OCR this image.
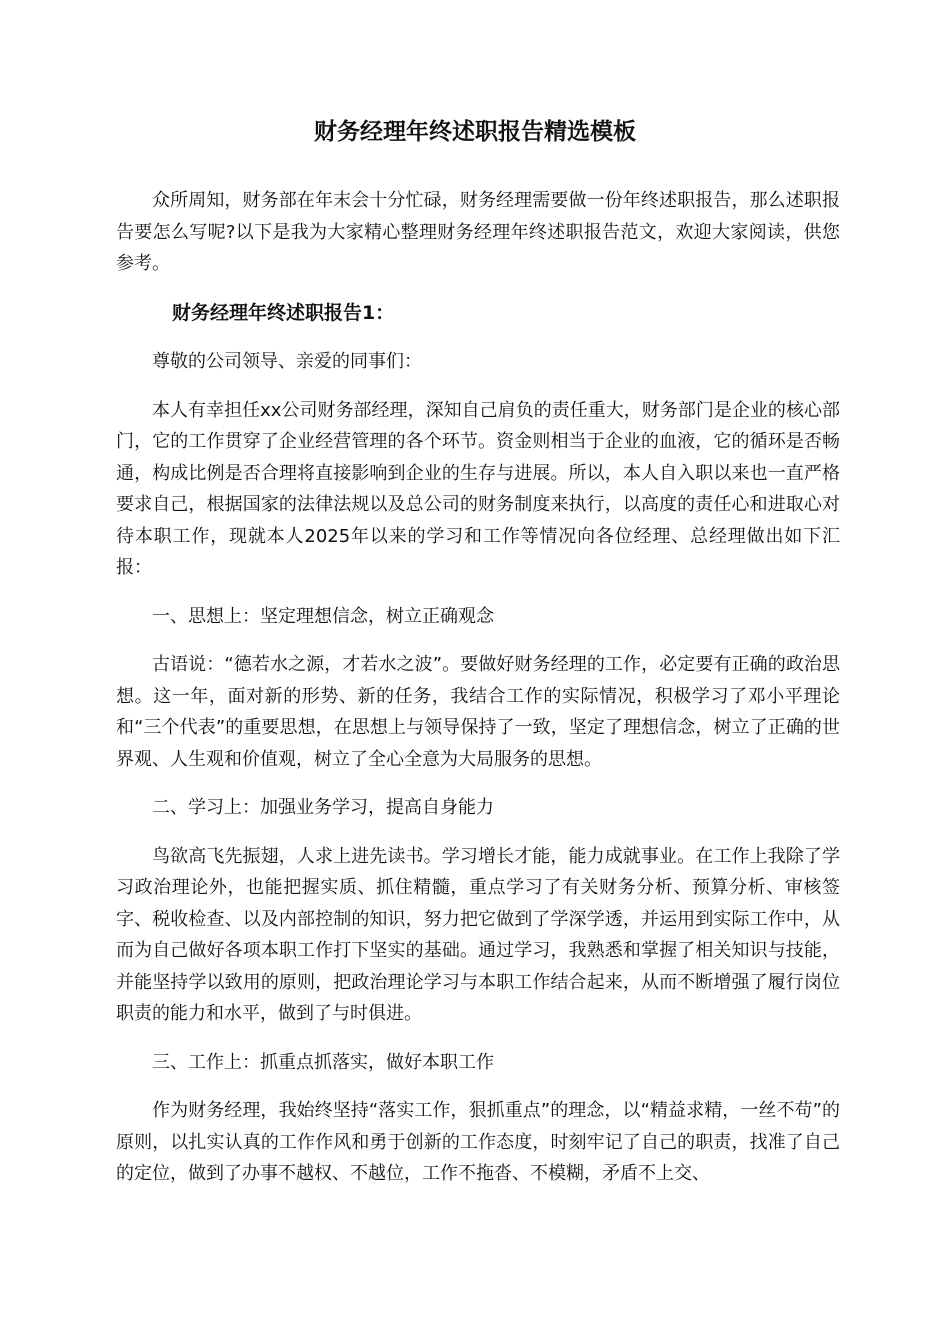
财务经理年终述职报告精选模板

众所周知，财务部在年末会十分忙碌，财务经理需要做一份年终述职报告，那么述职报告要怎么写呢?以下是我为大家精心整理财务经理年终述职报告范文，欢迎大家阅读，供您参考。

财务经理年终述职报告1：

尊敬的公司领导、亲爱的同事们：

本人有幸担任xx公司财务部经理，深知自己肩负的责任重大，财务部门是企业的核心部门，它的工作贯穿了企业经营管理的各个环节。资金则相当于企业的血液，它的循环是否畅通，构成比例是否合理将直接影响到企业的生存与进展。所以，本人自入职以来也一直严格要求自己，根据国家的法律法规以及总公司的财务制度来执行，以高度的责任心和进取心对待本职工作，现就本人2025年以来的学习和工作等情况向各位经理、总经理做出如下汇报：

一、思想上：坚定理想信念，树立正确观念

古语说：“德若水之源，才若水之波”。要做好财务经理的工作，必定要有正确的政治思想。这一年，面对新的形势、新的任务，我结合工作的实际情况，积极学习了邓小平理论和“三个代表”的重要思想，在思想上与领导保持了一致，坚定了理想信念，树立了正确的世界观、人生观和价值观，树立了全心全意为大局服务的思想。

二、学习上：加强业务学习，提高自身能力

鸟欲高飞先振翅，人求上进先读书。学习增长才能，能力成就事业。在工作上我除了学习政治理论外，也能把握实质、抓住精髓，重点学习了有关财务分析、预算分析、审核签字、税收检查、以及内部控制的知识，努力把它做到了学深学透，并运用到实际工作中，从而为自己做好各项本职工作打下坚实的基础。通过学习，我熟悉和掌握了相关知识与技能，并能坚持学以致用的原则，把政治理论学习与本职工作结合起来，从而不断增强了履行岗位职责的能力和水平，做到了与时俱进。

三、工作上：抓重点抓落实，做好本职工作

作为财务经理，我始终坚持“落实工作，狠抓重点”的理念，以“精益求精，一丝不苟”的原则，以扎实认真的工作作风和勇于创新的工作态度，时刻牢记了自己的职责，找准了自己的定位，做到了办事不越权、不越位，工作不拖沓、不模糊，矛盾不上交、
